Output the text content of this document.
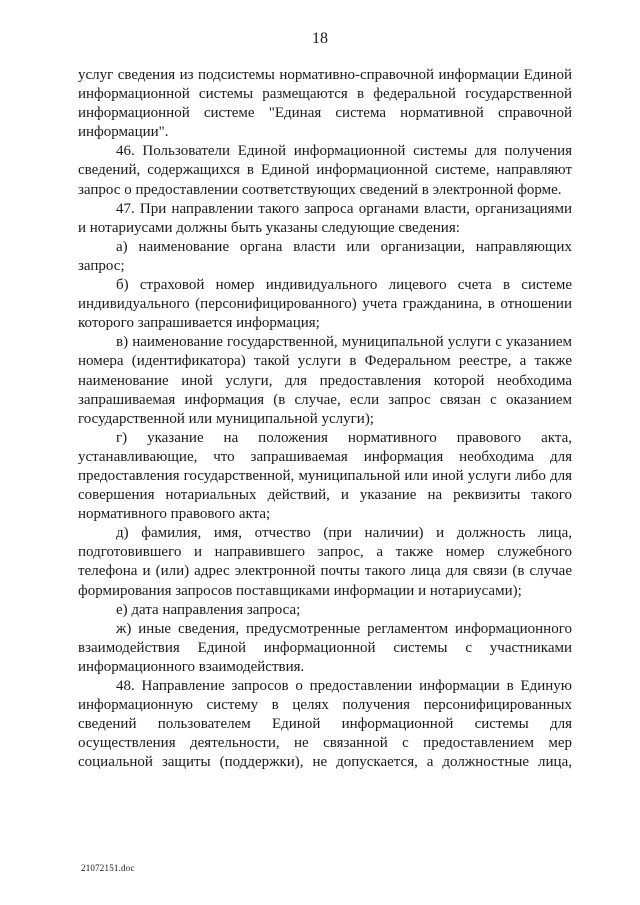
18

услуг сведения из подсистемы нормативно-справочной информации Единой информационной системы размещаются в федеральной государственной информационной системе "Единая система нормативной справочной информации".

46. Пользователи Единой информационной системы для получения сведений, содержащихся в Единой информационной системе, направляют запрос о предоставлении соответствующих сведений в электронной форме.

47. При направлении такого запроса органами власти, организациями и нотариусами должны быть указаны следующие сведения:

а) наименование органа власти или организации, направляющих запрос;

б) страховой номер индивидуального лицевого счета в системе индивидуального (персонифицированного) учета гражданина, в отношении которого запрашивается информация;

в) наименование государственной, муниципальной услуги с указанием номера (идентификатора) такой услуги в Федеральном реестре, а также наименование иной услуги, для предоставления которой необходима запрашиваемая информация (в случае, если запрос связан с оказанием государственной или муниципальной услуги);

г) указание на положения нормативного правового акта, устанавливающие, что запрашиваемая информация необходима для предоставления государственной, муниципальной или иной услуги либо для совершения нотариальных действий, и указание на реквизиты такого нормативного правового акта;

д) фамилия, имя, отчество (при наличии) и должность лица, подготовившего и направившего запрос, а также номер служебного телефона и (или) адрес электронной почты такого лица для связи (в случае формирования запросов поставщиками информации и нотариусами);

е) дата направления запроса;

ж) иные сведения, предусмотренные регламентом информационного взаимодействия Единой информационной системы с участниками информационного взаимодействия.

48. Направление запросов о предоставлении информации в Единую информационную систему в целях получения персонифицированных сведений пользователем Единой информационной системы для осуществления деятельности, не связанной с предоставлением мер социальной защиты (поддержки), не допускается, а должностные лица,

21072151.doc
